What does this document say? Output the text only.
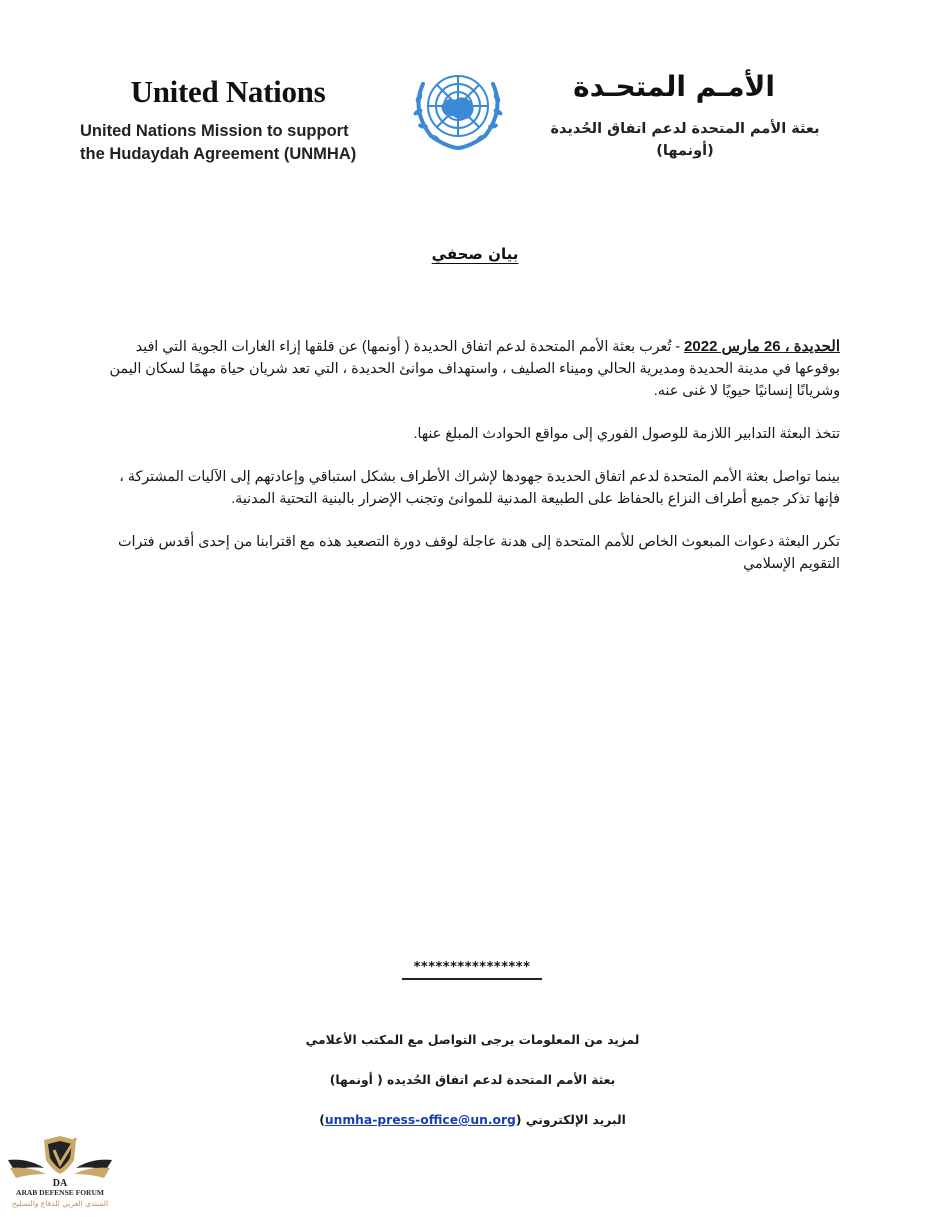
United Nations
United Nations Mission to support
the Hudaydah Agreement (UNMHA)
الأمـم المتحـدة
بعثة الأمم المتحدة لدعم اتفاق الحُديدة
(أونمها)
بيان صحفي

الحديدة ، 26 مارس 2022 - تُعرب بعثة الأمم المتحدة لدعم اتفاق الحديدة ( أونمها) عن قلقها إزاء الغارات الجوية التي افيد بوقوعها في مدينة الحديدة ومديرية الحالي وميناء الصليف ، واستهداف موانئ الحديدة ، التي تعد شريان حياة مهمًا لسكان اليمن وشريانًا إنسانيًا حيويًا لا غنى عنه.

تتخذ البعثة التدابير اللازمة للوصول الفوري إلى مواقع الحوادث المبلغ عنها.

بينما تواصل بعثة الأمم المتحدة لدعم اتفاق الحديدة جهودها لإشراك الأطراف بشكل استباقي وإعادتهم إلى الآليات المشتركة ، فإنها تذكر جميع أطراف النزاع بالحفاظ على الطبيعة المدنية للموانئ وتجنب الإضرار بالبنية التحتية المدنية.

تكرر البعثة دعوات المبعوث الخاص للأمم المتحدة إلى هدنة عاجلة لوقف دورة التصعيد هذه مع اقترابنا من إحدى أقدس فترات التقويم الإسلامي

****************
لمزيد من المعلومات يرجى التواصل مع المكتب الأعلامي
بعثة الأمم المتحدة لدعم اتفاق الحُديده ( أونمها)
البريد الإلكتروني (unmha-press-office@un.org)
DA
ARAB DEFENSE FORUM
المنتدى العربي للدفاع والتسليح
